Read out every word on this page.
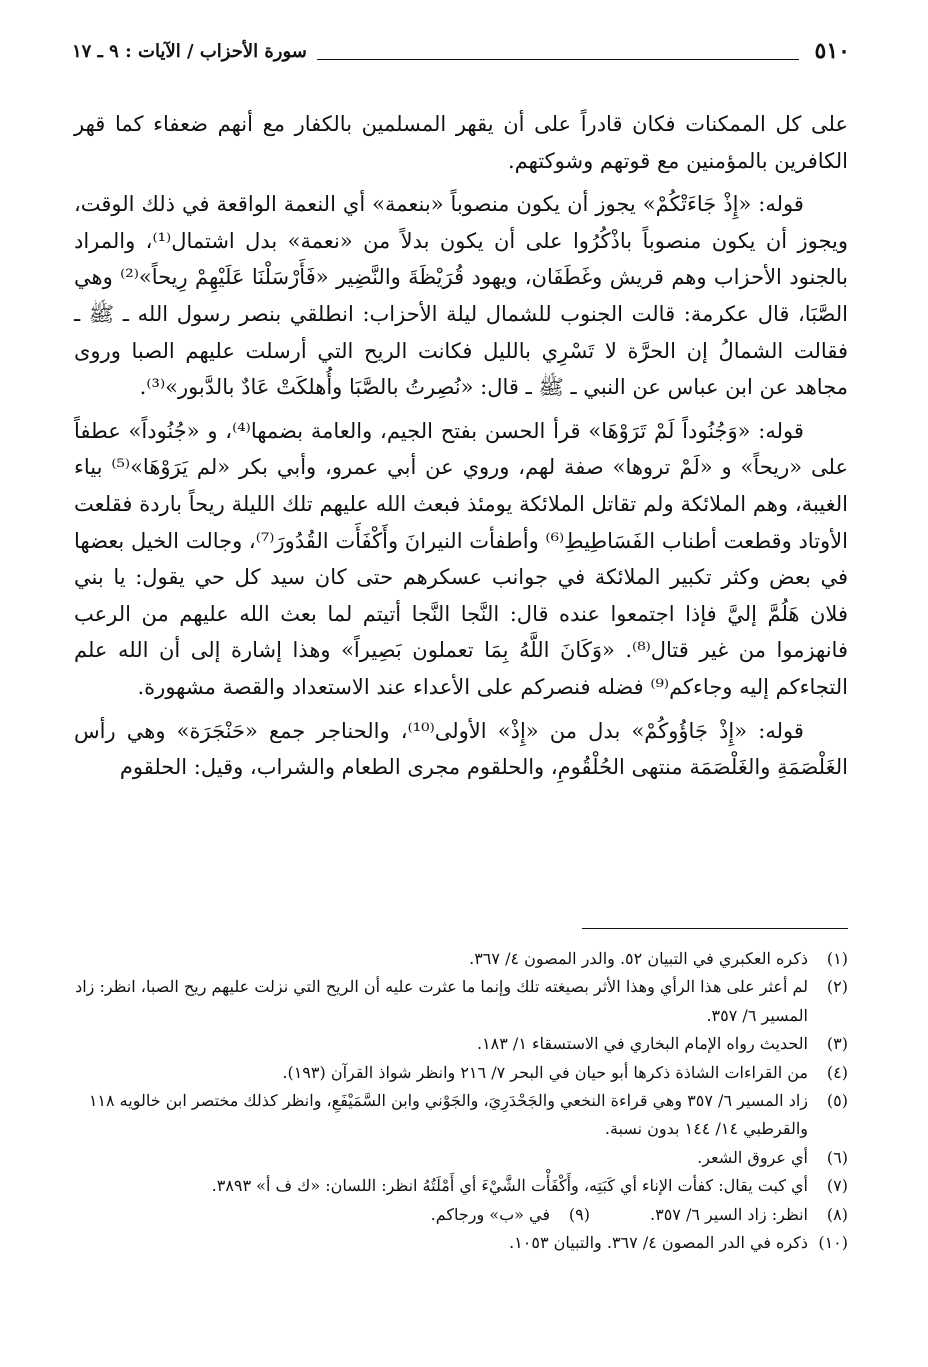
٥١٠
سورة الأحزاب / الآيات : ٩ ـ ١٧

على كل الممكنات فكان قادراً على أن يقهر المسلمين بالكفار مع أنهم ضعفاء كما قهر الكافرين بالمؤمنين مع قوتهم وشوكتهم.

قوله: «إِذْ جَاءَتْكُمْ» يجوز أن يكون منصوباً «بنعمة» أي النعمة الواقعة في ذلك الوقت، ويجوز أن يكون منصوباً باذْكُرُوا على أن يكون بدلاً من «نعمة» بدل اشتمال⁽¹⁾، والمراد بالجنود الأحزاب وهم قريش وغَطَفَان، ويهود قُرَيْظَةَ والنَّضِير «فَأَرْسَلْنَا عَلَيْهِمْ رِيحاً»⁽²⁾ وهي الصَّبَا، قال عكرمة: قالت الجنوب للشمال ليلة الأحزاب: انطلقي بنصر رسول الله ـ ﷺ ـ فقالت الشمالُ إن الحرَّة لا تَسْرِي بالليل فكانت الريح التي أرسلت عليهم الصبا وروى مجاهد عن ابن عباس عن النبي ـ ﷺ ـ قال: «نُصِرتُ بالصَّبَا وأُهلكَتْ عَادٌ بالدَّبور»⁽³⁾.

قوله: «وَجُنُوداً لَمْ تَرَوْهَا» قرأ الحسن بفتح الجيم، والعامة بضمها⁽⁴⁾، و «جُنُوداً» عطفاً على «ريحاً» و «لَمْ تروها» صفة لهم، وروي عن أبي عمرو، وأبي بكر «لم يَرَوْهَا»⁽⁵⁾ بياء الغيبة، وهم الملائكة ولم تقاتل الملائكة يومئذ فبعث الله عليهم تلك الليلة ريحاً باردة فقلعت الأوتاد وقطعت أطناب الفَسَاطِيطِ⁽⁶⁾ وأطفأت النيرانَ وأَكْفَأَت القُدُورَ⁽⁷⁾، وجالت الخيل بعضها في بعض وكثر تكبير الملائكة في جوانب عسكرهم حتى كان سيد كل حي يقول: يا بني فلان هَلُمَّ إليَّ فإذا اجتمعوا عنده قال: النَّجا النَّجا أتيتم لما بعث الله عليهم من الرعب فانهزموا من غير قتال⁽⁸⁾. «وَكَانَ اللَّهُ بِمَا تعملون بَصِيراً» وهذا إشارة إلى أن الله علم التجاءكم إليه وجاءكم⁽⁹⁾ فضله فنصركم على الأعداء عند الاستعداد والقصة مشهورة.

قوله: «إِذْ جَاؤُوكُمْ» بدل من «إِذْ» الأولى⁽¹⁰⁾، والحناجر جمع «حَنْجَرَة» وهي رأس الغَلْصَمَةِ والغَلْصَمَة منتهى الحُلْقُومِ، والحلقوم مجرى الطعام والشراب، وقيل: الحلقوم

(١)
ذكره العكبري في التبيان ٥٢. والدر المصون ٤/ ٣٦٧.
(٢)
لم أعثر على هذا الرأي وهذا الأثر بصيغته تلك وإنما ما عثرت عليه أن الريح التي نزلت عليهم ريح الصبا، انظر: زاد المسير ٦/ ٣٥٧.
(٣)
الحديث رواه الإمام البخاري في الاستسقاء ١/ ١٨٣.
(٤)
من القراءات الشاذة ذكرها أبو حيان في البحر ٧/ ٢١٦ وانظر شواذ القرآن (١٩٣).
(٥)
زاد المسير ٦/ ٣٥٧ وهي قراءة النخعي والجَحْدَرِيَ، والجَوْني وابن السَّمَيْفَعِ، وانظر كذلك مختصر ابن خالويه ١١٨ والقرطبي ١٤/ ١٤٤ بدون نسبة.
(٦)
أي عروق الشعر.
(٧)
أي كبت يقال: كفأت الإناء أي كَبَتِه، وأَكْفَأْت الشَّيْءَ أي أَمْلَتُهُ انظر: اللسان: «ك ف أ» ٣٨٩٣.
(٨)
انظر: زاد السير ٦/ ٣٥٧.
(٩)
في «ب» ورجاكم.
(١٠)
ذكره في الدر المصون ٤/ ٣٦٧. والتبيان ١٠٥٣.
